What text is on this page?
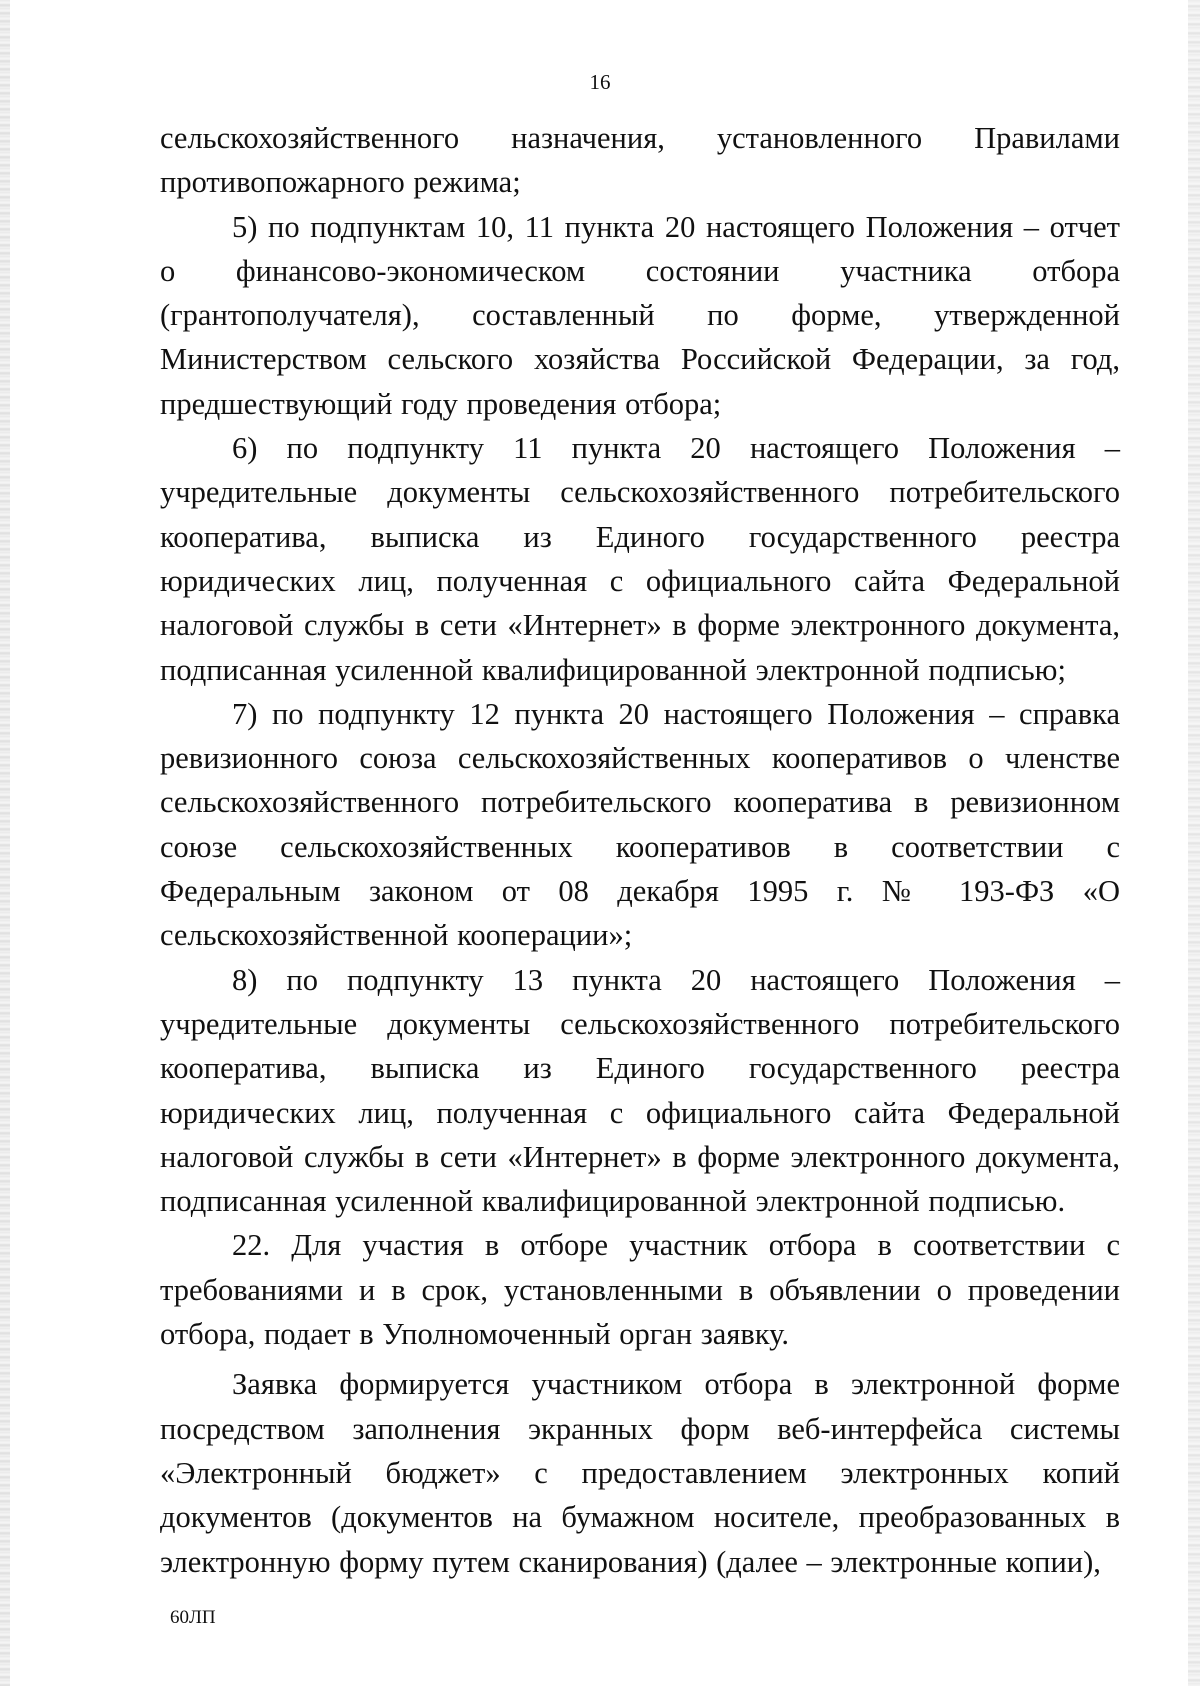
16

сельскохозяйственного назначения, установленного Правилами противопожарного режима;

5) по подпунктам 10, 11 пункта 20 настоящего Положения – отчет о финансово-экономическом состоянии участника отбора (грантополучателя), составленный по форме, утвержденной Министерством сельского хозяйства Российской Федерации, за год, предшествующий году проведения отбора;

6) по подпункту 11 пункта 20 настоящего Положения – учредительные документы сельскохозяйственного потребительского кооператива, выписка из Единого государственного реестра юридических лиц, полученная с официального сайта Федеральной налоговой службы в сети «Интернет» в форме электронного документа, подписанная усиленной квалифицированной электронной подписью;

7) по подпункту 12 пункта 20 настоящего Положения – справка ревизионного союза сельскохозяйственных кооперативов о членстве сельскохозяйственного потребительского кооператива в ревизионном союзе сельскохозяйственных кооперативов в соответствии с Федеральным законом от 08 декабря 1995 г. № 193-ФЗ «О сельскохозяйственной кооперации»;

8) по подпункту 13 пункта 20 настоящего Положения – учредительные документы сельскохозяйственного потребительского кооператива, выписка из Единого государственного реестра юридических лиц, полученная с официального сайта Федеральной налоговой службы в сети «Интернет» в форме электронного документа, подписанная усиленной квалифицированной электронной подписью.

22. Для участия в отборе участник отбора в соответствии с требованиями и в срок, установленными в объявлении о проведении отбора, подает в Уполномоченный орган заявку.

Заявка формируется участником отбора в электронной форме посредством заполнения экранных форм веб-интерфейса системы «Электронный бюджет» с предоставлением электронных копий документов (документов на бумажном носителе, преобразованных в электронную форму путем сканирования) (далее – электронные копии),

60ЛП
